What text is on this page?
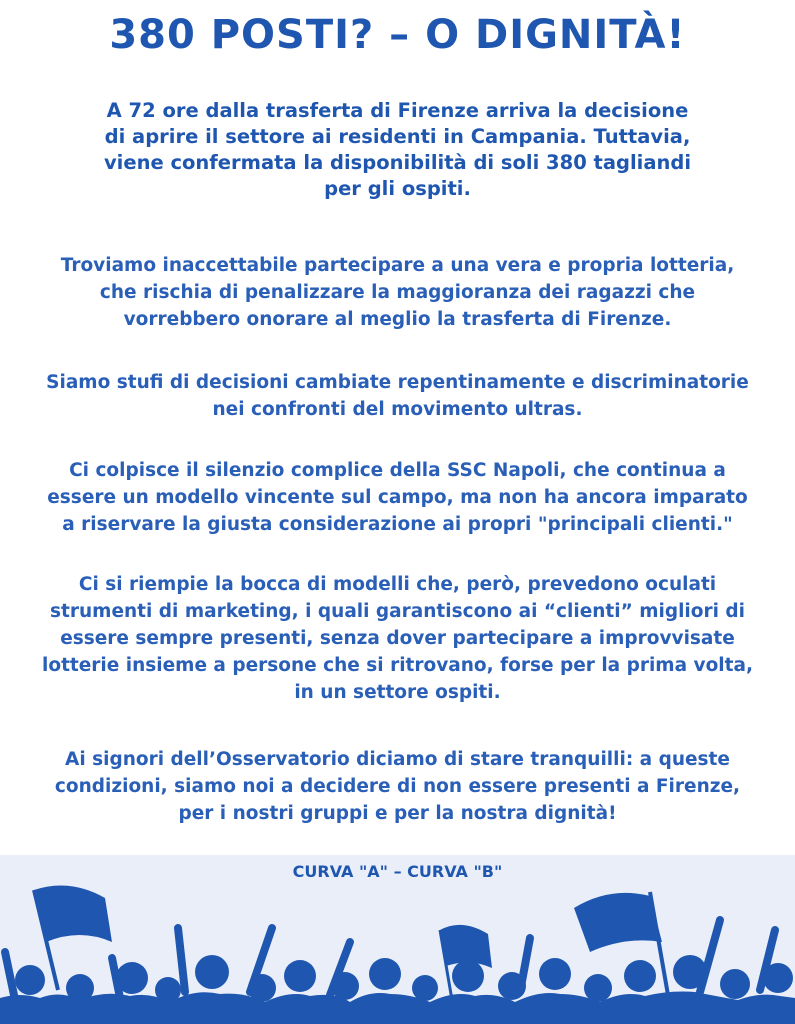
380 POSTI? – O DIGNITÀ!
A 72 ore dalla trasferta di Firenze arriva la decisione
di aprire il settore ai residenti in Campania. Tuttavia,
viene confermata la disponibilità di soli 380 tagliandi
per gli ospiti.
Troviamo inaccettabile partecipare a una vera e propria lotteria,
che rischia di penalizzare la maggioranza dei ragazzi che
vorrebbero onorare al meglio la trasferta di Firenze.
Siamo stufi di decisioni cambiate repentinamente e discriminatorie
nei confronti del movimento ultras.
Ci colpisce il silenzio complice della SSC Napoli, che continua a
essere un modello vincente sul campo, ma non ha ancora imparato
a riservare la giusta considerazione ai propri "principali clienti."
Ci si riempie la bocca di modelli che, però, prevedono oculati
strumenti di marketing, i quali garantiscono ai “clienti” migliori di
essere sempre presenti, senza dover partecipare a improvvisate
lotterie insieme a persone che si ritrovano, forse per la prima volta,
in un settore ospiti.
Ai signori dell’Osservatorio diciamo di stare tranquilli: a queste
condizioni, siamo noi a decidere di non essere presenti a Firenze,
per i nostri gruppi e per la nostra dignità!
CURVA "A" – CURVA "B"
